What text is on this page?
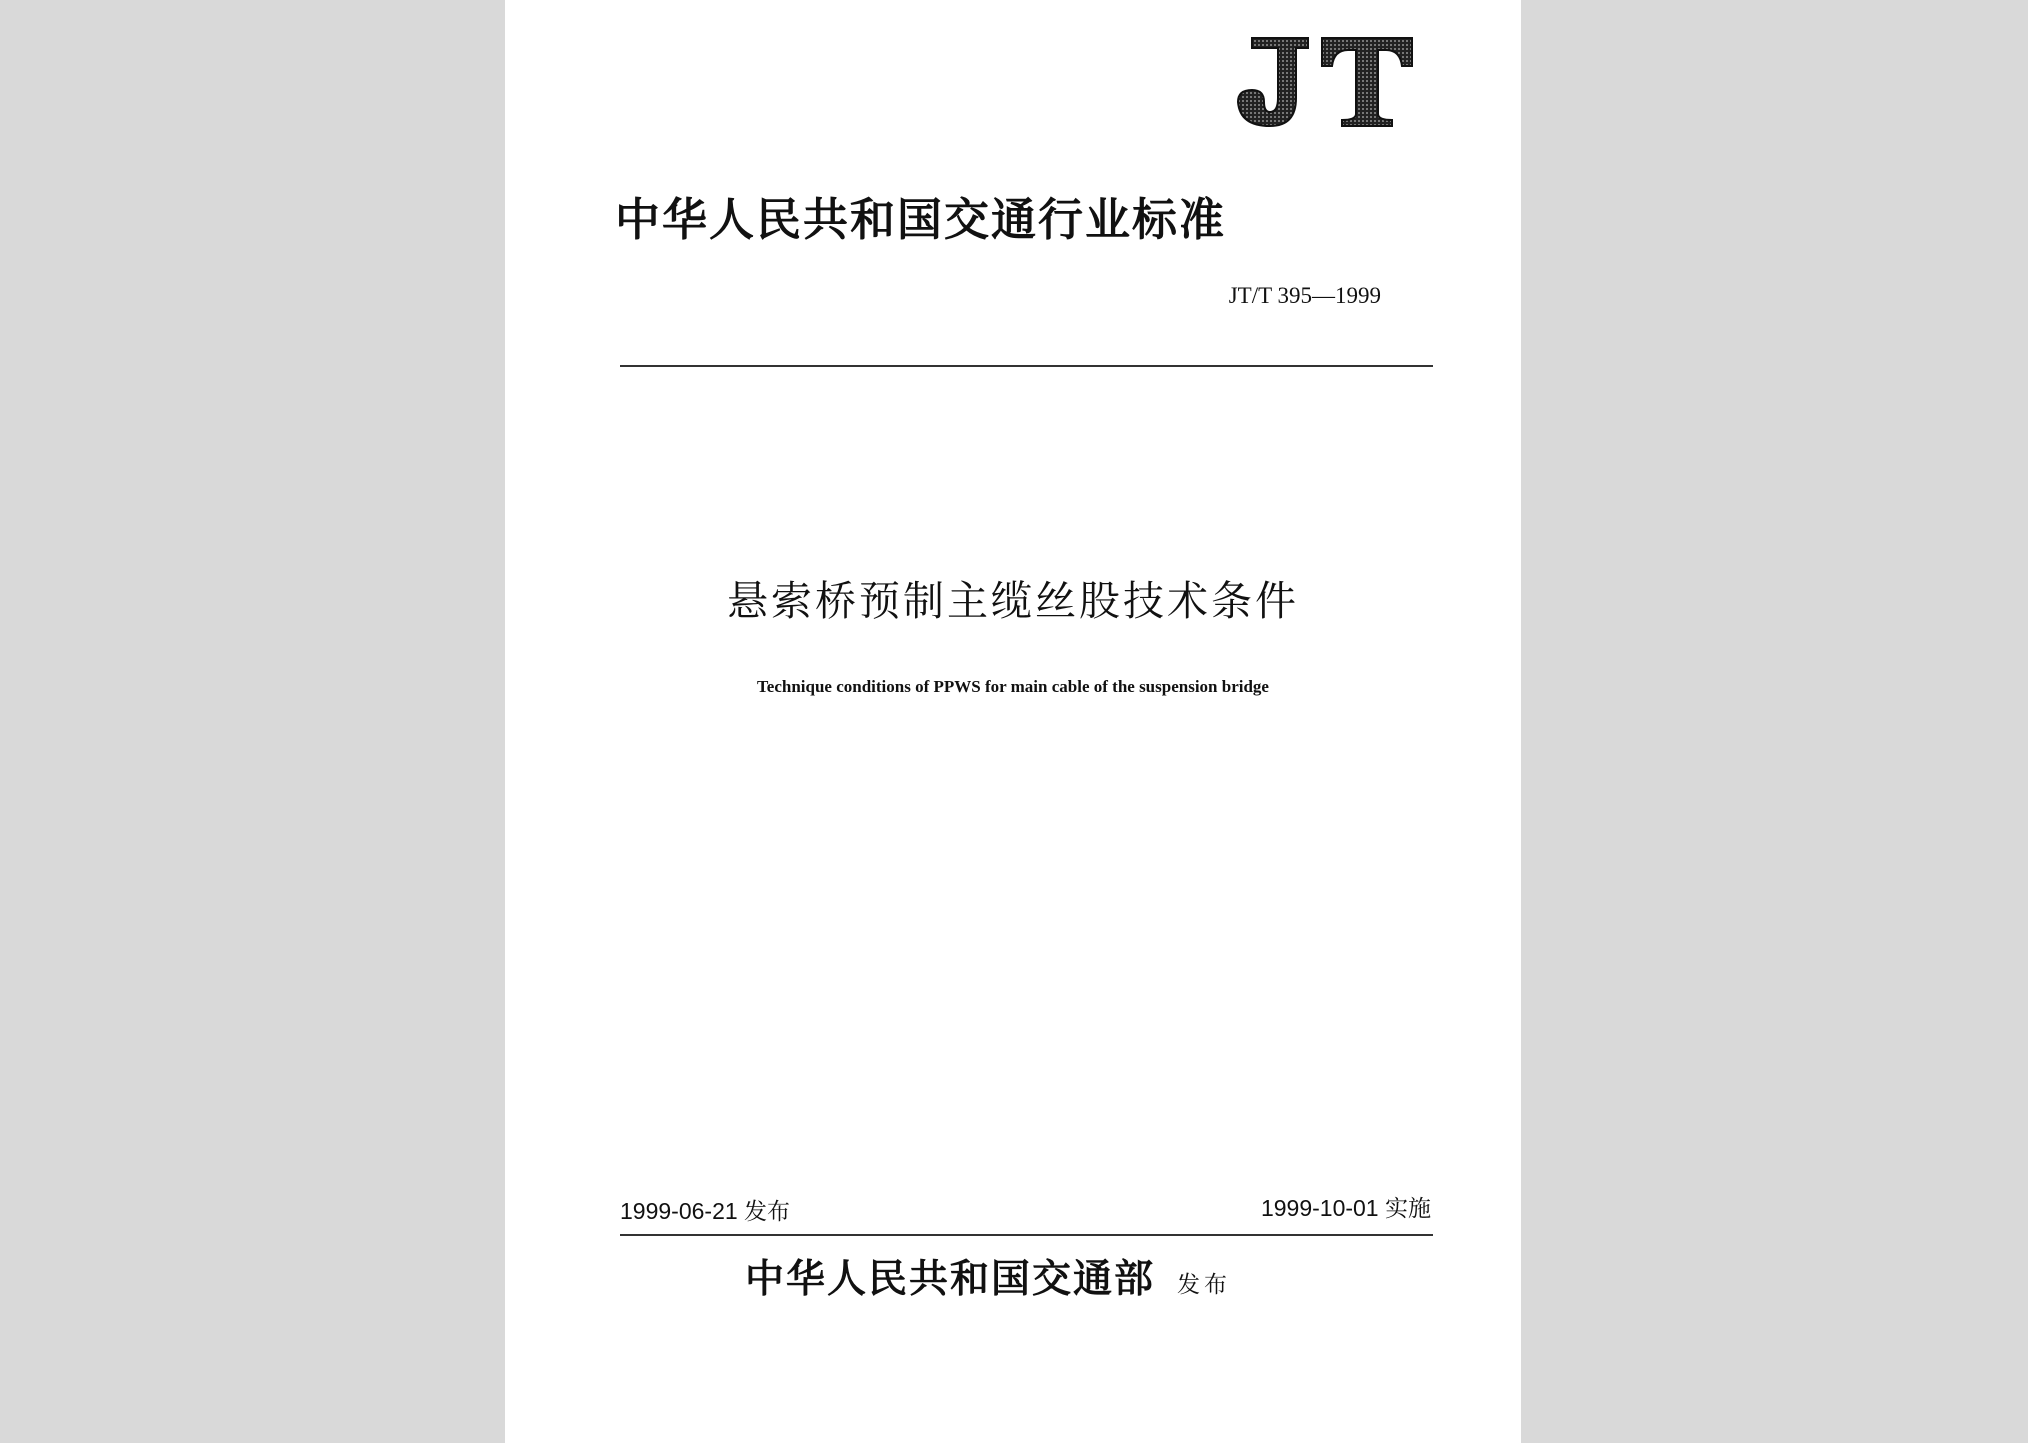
中华人民共和国交通行业标准
JT/T 395—1999
悬索桥预制主缆丝股技术条件
Technique conditions of PPWS for main cable of the suspension bridge
1999-06-21 发布	1999-10-01 实施
中华人民共和国交通部 发布
